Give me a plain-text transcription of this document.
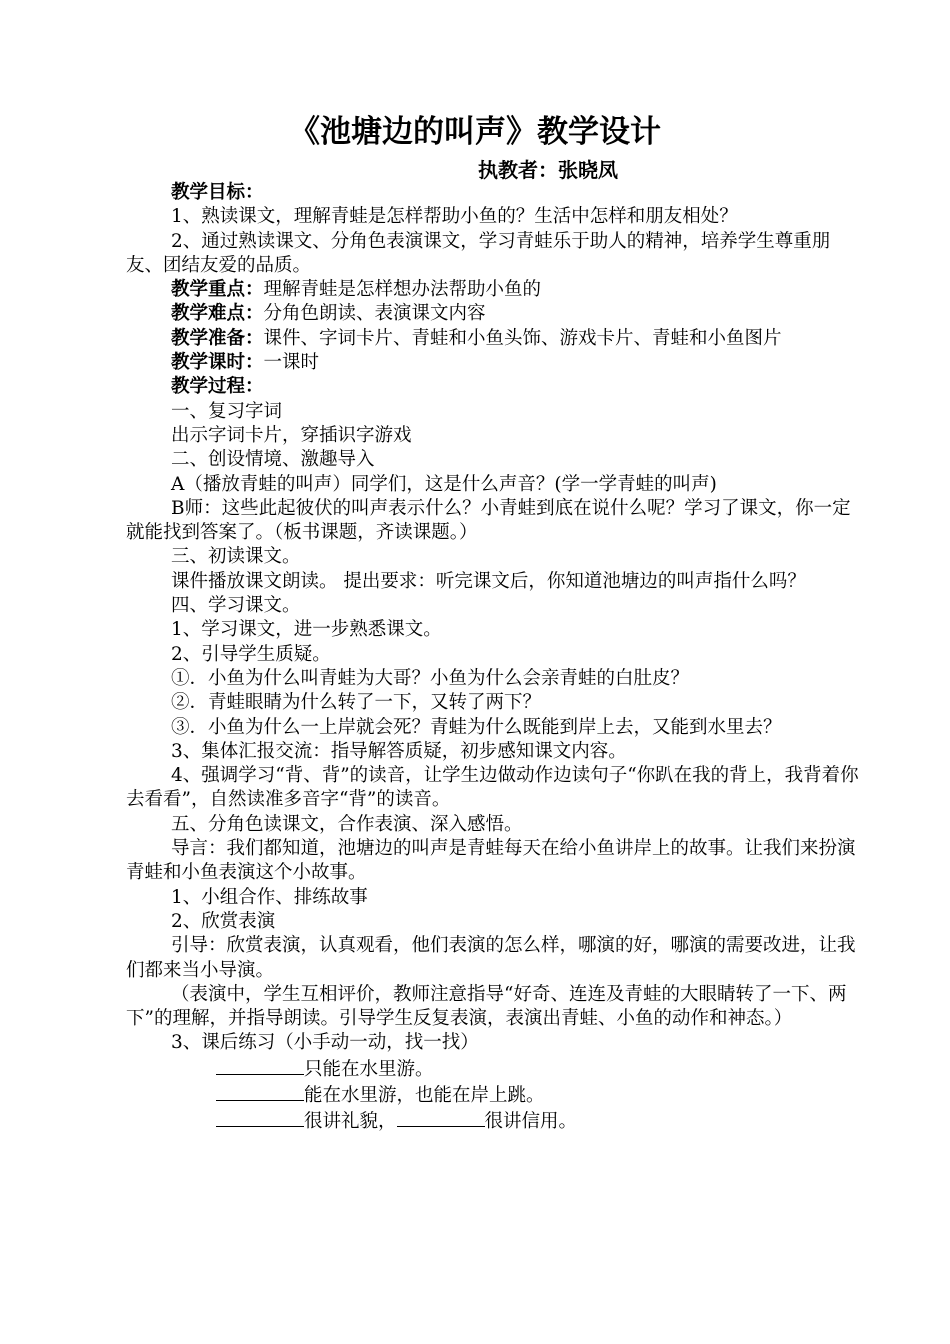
《池塘边的叫声》教学设计
执教者：张晓凤

教学目标：

1、熟读课文，理解青蛙是怎样帮助小鱼的？生活中怎样和朋友相处？

2、通过熟读课文、分角色表演课文，学习青蛙乐于助人的精神，培养学生尊重朋友、团结友爱的品质。

教学重点：理解青蛙是怎样想办法帮助小鱼的

教学难点：分角色朗读、表演课文内容

教学准备：课件、字词卡片、青蛙和小鱼头饰、游戏卡片、青蛙和小鱼图片

教学课时：一课时

教学过程：

一、复习字词

出示字词卡片，穿插识字游戏

二、创设情境、激趣导入

A（播放青蛙的叫声）同学们，这是什么声音？(学一学青蛙的叫声)

B师：这些此起彼伏的叫声表示什么？小青蛙到底在说什么呢？学习了课文，你一定就能找到答案了。（板书课题，齐读课题。）

三、初读课文。

课件播放课文朗读。 提出要求：听完课文后，你知道池塘边的叫声指什么吗？

四、学习课文。

1、学习课文，进一步熟悉课文。

2、引导学生质疑。

①．小鱼为什么叫青蛙为大哥？小鱼为什么会亲青蛙的白肚皮？

②．青蛙眼睛为什么转了一下，又转了两下？

③．小鱼为什么一上岸就会死？青蛙为什么既能到岸上去，又能到水里去？

3、集体汇报交流：指导解答质疑，初步感知课文内容。

4、强调学习“背、背”的读音，让学生边做动作边读句子“你趴在我的背上，我背着你去看看”，自然读准多音字“背”的读音。

五、分角色读课文，合作表演、深入感悟。

导言：我们都知道，池塘边的叫声是青蛙每天在给小鱼讲岸上的故事。让我们来扮演青蛙和小鱼表演这个小故事。

1、小组合作、排练故事

2、欣赏表演

引导：欣赏表演，认真观看，他们表演的怎么样，哪演的好，哪演的需要改进，让我们都来当小导演。

（表演中，学生互相评价，教师注意指导“好奇、连连及青蛙的大眼睛转了一下、两下”的理解，并指导朗读。引导学生反复表演，表演出青蛙、小鱼的动作和神态。）

3、课后练习（小手动一动，找一找）

只能在水里游。

能在水里游，也能在岸上跳。

很讲礼貌，	很讲信用。
